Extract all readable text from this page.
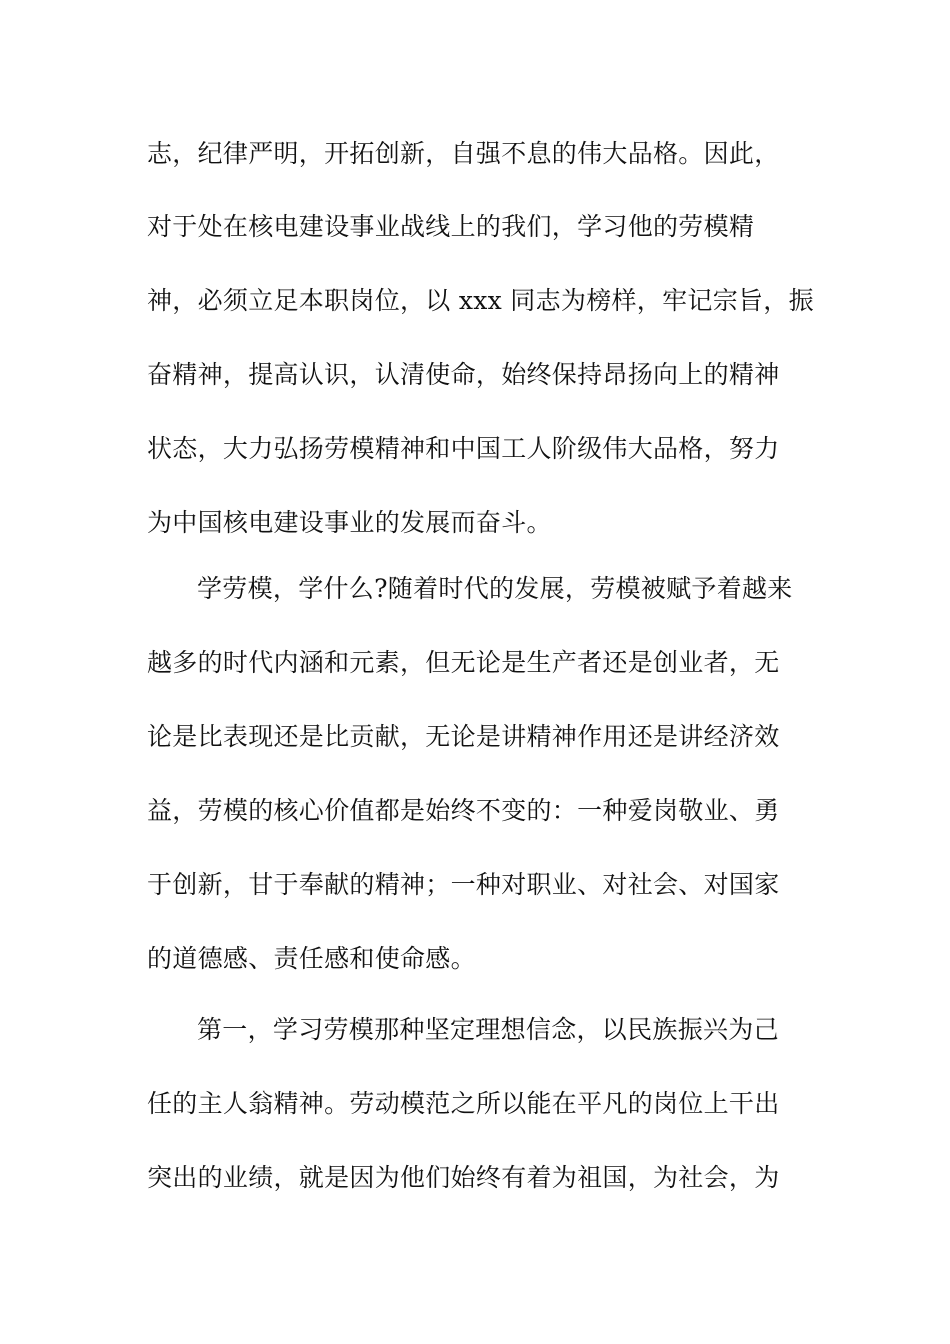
志，纪律严明，开拓创新，自强不息的伟大品格。因此，
对于处在核电建设事业战线上的我们，学习他的劳模精
神，必须立足本职岗位，以 xxx 同志为榜样，牢记宗旨，振
奋精神，提高认识，认清使命，始终保持昂扬向上的精神
状态，大力弘扬劳模精神和中国工人阶级伟大品格，努力
为中国核电建设事业的发展而奋斗。
学劳模，学什么?随着时代的发展，劳模被赋予着越来
越多的时代内涵和元素，但无论是生产者还是创业者，无
论是比表现还是比贡献，无论是讲精神作用还是讲经济效
益，劳模的核心价值都是始终不变的：一种爱岗敬业、勇
于创新，甘于奉献的精神；一种对职业、对社会、对国家
的道德感、责任感和使命感。
第一，学习劳模那种坚定理想信念，以民族振兴为己
任的主人翁精神。劳动模范之所以能在平凡的岗位上干出
突出的业绩，就是因为他们始终有着为祖国，为社会，为
